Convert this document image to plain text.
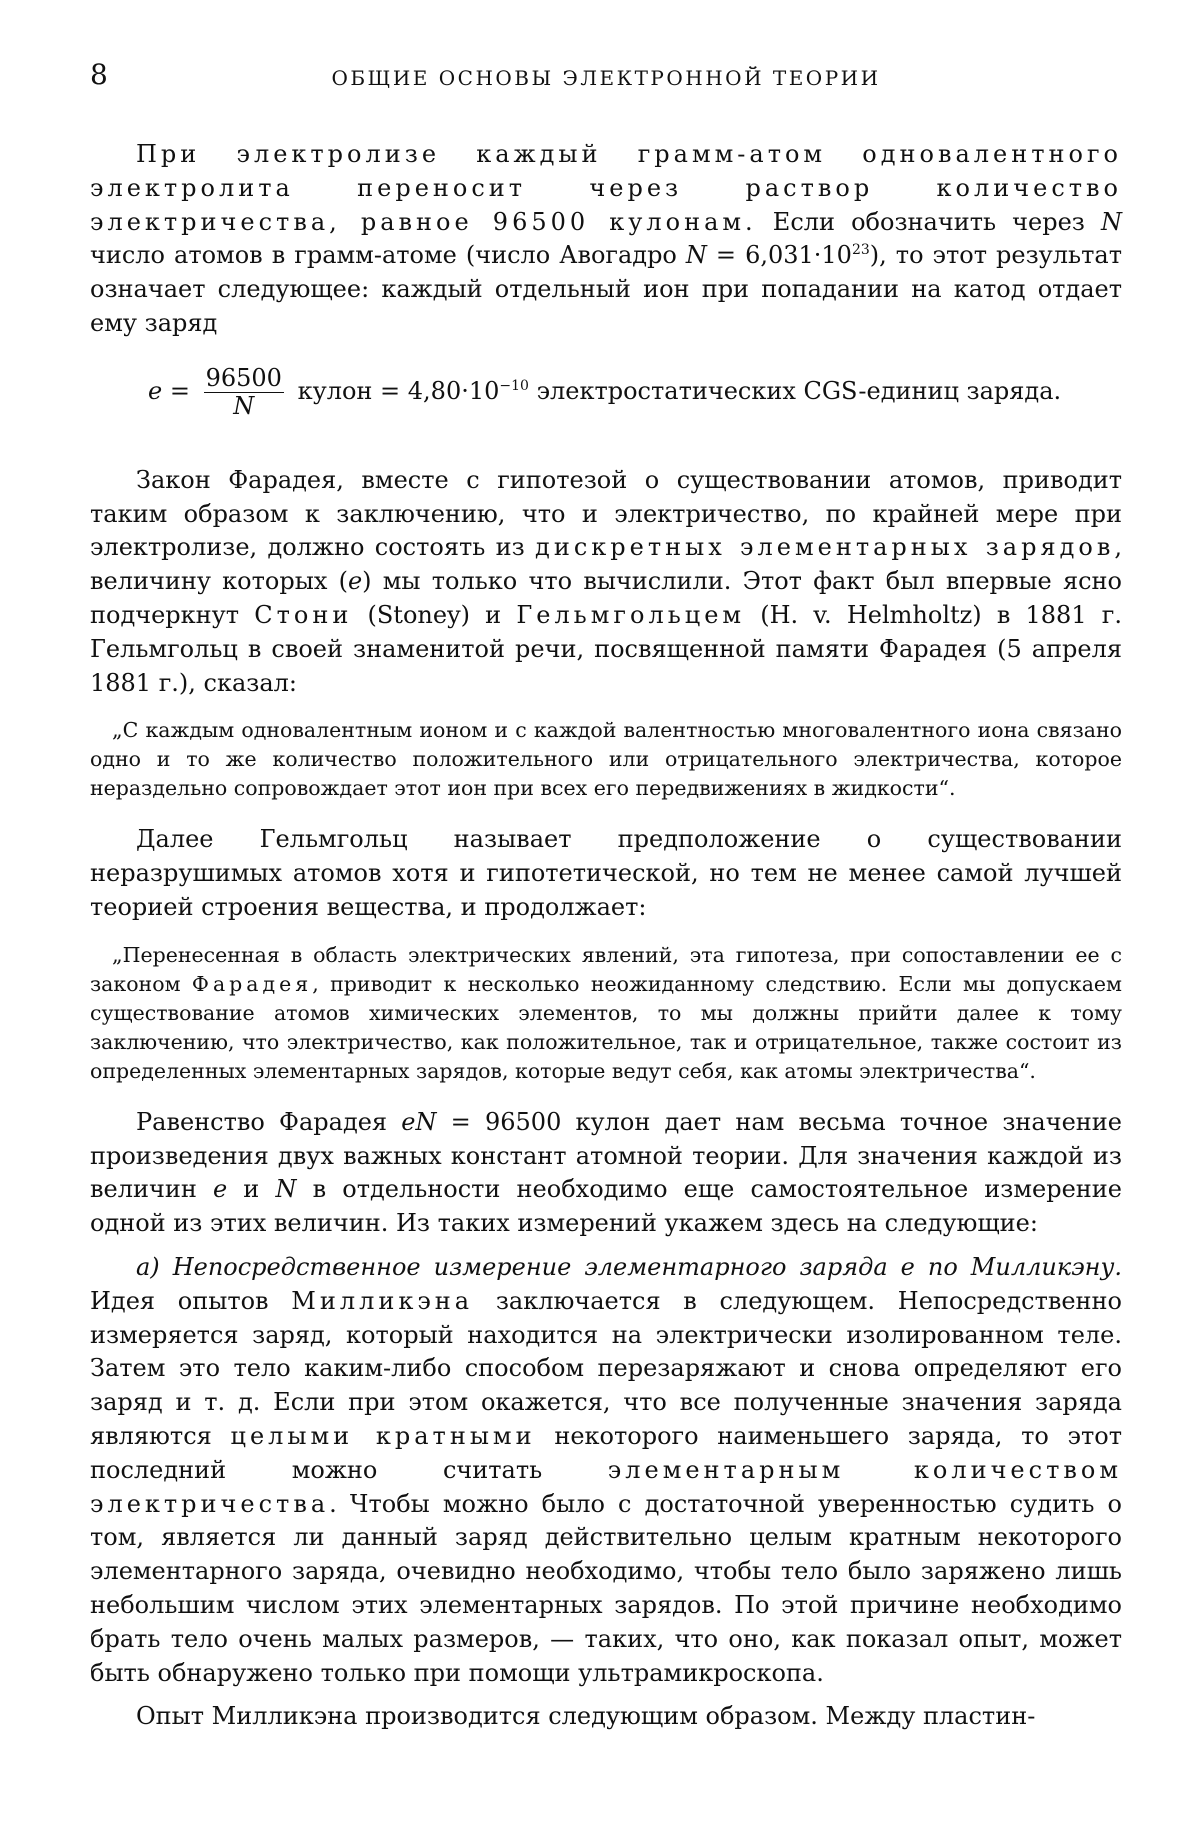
8	ОБЩИЕ ОСНОВЫ ЭЛЕКТРОННОЙ ТЕОРИИ

При электролизе каждый грамм-атом одновалентного электролита переносит через раствор количество электричества, равное 96500 кулонам. Если обозначить через N число атомов в грамм-атоме (число Авогадро $N = 6,031\cdot 10^{23}$), то этот результат означает следующее: каждый отдельный ион при попадании на катод отдает ему заряд

$e = \frac{96500}{N}$ кулон = $4,80\cdot 10^{-10}$ электростатических CGS-единиц заряда.

Закон Фарадея, вместе с гипотезой о существовании атомов, приводит таким образом к заключению, что и электричество, по крайней мере при электролизе, должно состоять из дискретных элементарных зарядов, величину которых (e) мы только что вычислили. Этот факт был впервые ясно подчеркнут Стони (Stoney) и Гельмгольцем (H. v. Helmholtz) в 1881 г. Гельмгольц в своей знаменитой речи, посвященной памяти Фарадея (5 апреля 1881 г.), сказал:

„С каждым одновалентным ионом и с каждой валентностью многовалентного иона связано одно и то же количество положительного или отрицательного электричества, которое нераздельно сопровождает этот ион при всех его передвижениях в жидкости“.

Далее Гельмгольц называет предположение о существовании неразрушимых атомов хотя и гипотетической, но тем не менее самой лучшей теорией строения вещества, и продолжает:

„Перенесенная в область электрических явлений, эта гипотеза, при сопоставлении ее с законом Фарадея, приводит к несколько неожиданному следствию. Если мы допускаем существование атомов химических элементов, то мы должны прийти далее к тому заключению, что электричество, как положительное, так и отрицательное, также состоит из определенных элементарных зарядов, которые ведут себя, как атомы электричества“.

Равенство Фарадея eN = 96500 кулон дает нам весьма точное значение произведения двух важных констант атомной теории. Для значения каждой из величин e и N в отдельности необходимо еще самостоятельное измерение одной из этих величин. Из таких измерений укажем здесь на следующие:

a) Непосредственное измерение элементарного заряда e по Милликэну. Идея опытов Милликэна заключается в следующем. Непосредственно измеряется заряд, который находится на электрически изолированном теле. Затем это тело каким-либо способом перезаряжают и снова определяют его заряд и т. д. Если при этом окажется, что все полученные значения заряда являются целыми кратными некоторого наименьшего заряда, то этот последний можно считать элементарным количеством электричества. Чтобы можно было с достаточной уверенностью судить о том, является ли данный заряд действительно целым кратным некоторого элементарного заряда, очевидно необходимо, чтобы тело было заряжено лишь небольшим числом этих элементарных зарядов. По этой причине необходимо брать тело очень малых размеров, — таких, что оно, как показал опыт, может быть обнаружено только при помощи ультрамикроскопа.

Опыт Милликэна производится следующим образом. Между пластин-
